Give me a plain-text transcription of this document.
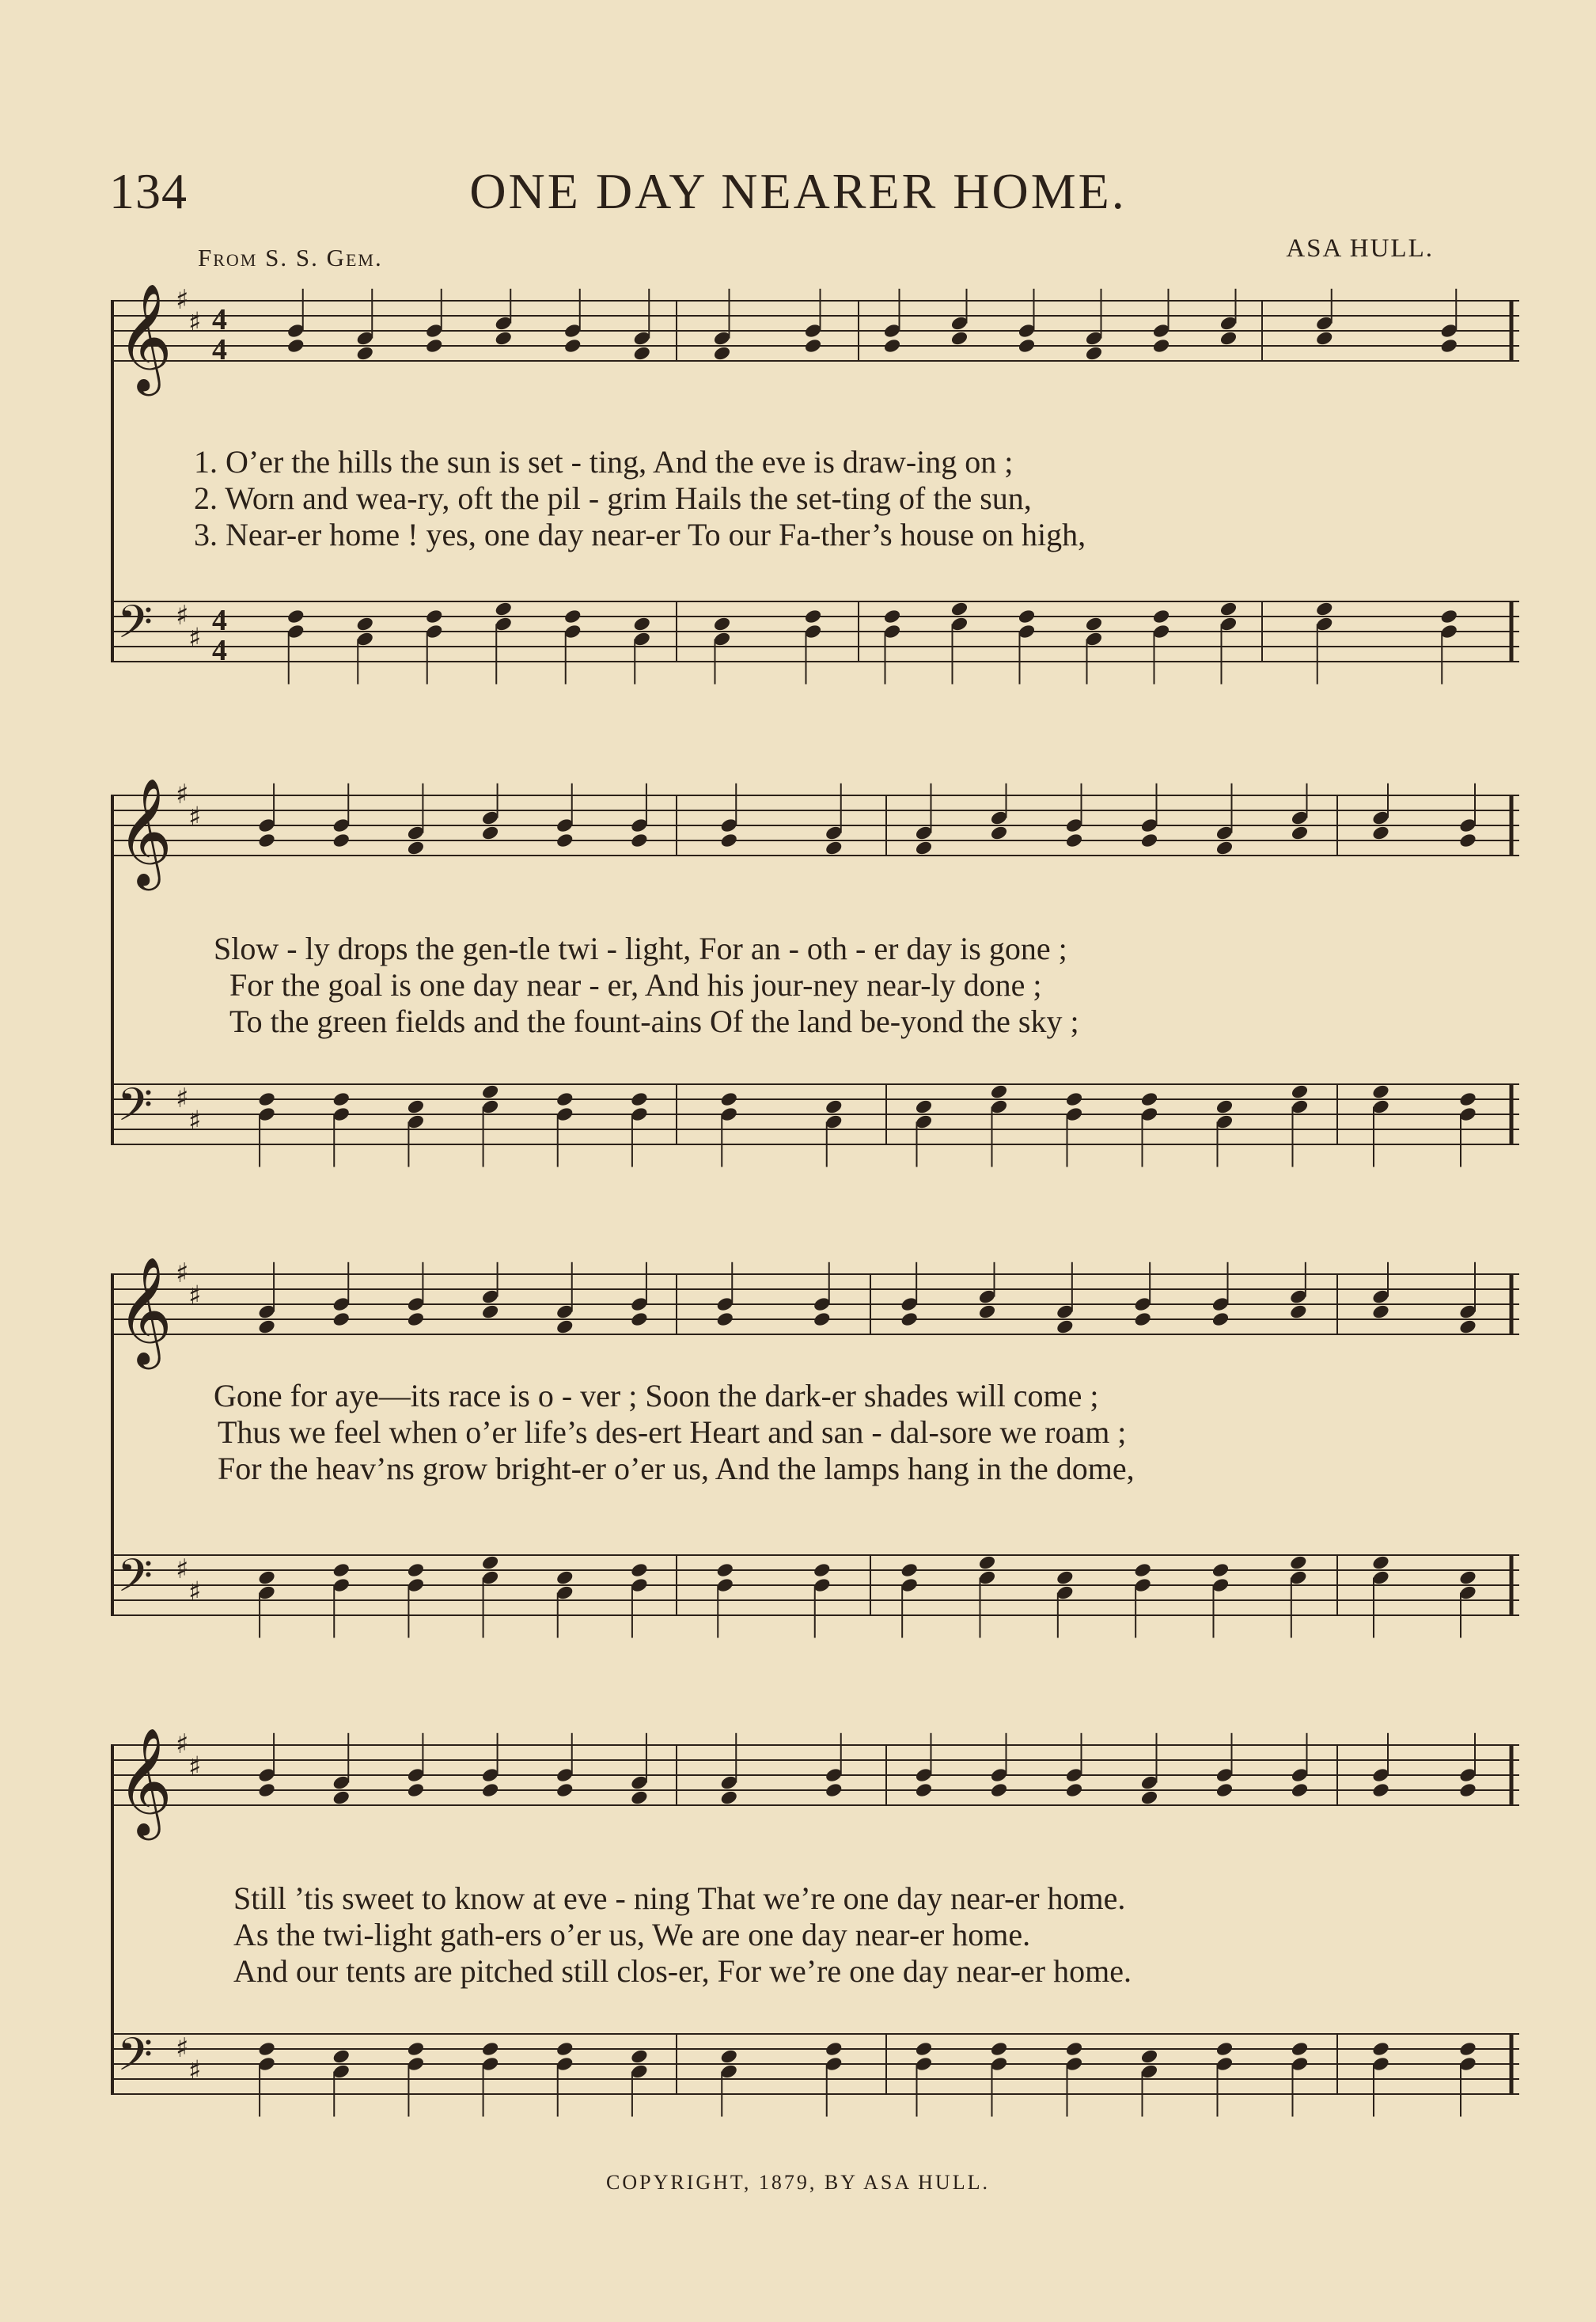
134	ONE DAY NEARER HOME.
From S. S. Gem.	ASA HULL.
𝄞 ♯
♯ 4
4
𝄢 ♯
♯
4
4
1. O’er the hills the sun is set - ting, And the eve is draw-ing on ;
2. Worn and wea-ry, oft the pil - grim Hails the set-ting of the sun,
3. Near-er home ! yes, one day near-er To our Fa-ther’s house on high,
𝄞 ♯
♯
𝄢 ♯
♯
Slow - ly drops the gen-tle twi - light, For an - oth - er day is gone ;
For the goal is one day near - er, And his jour-ney near-ly done ;
To the green fields and the fount-ains Of the land be-yond the sky ;
𝄞 ♯
♯
𝄢 ♯
♯
Gone for aye—its race is o - ver ; Soon the dark-er shades will come ;
Thus we feel when o’er life’s des-ert Heart and san - dal-sore we roam ;
For the heav’ns grow bright-er o’er us, And the lamps hang in the dome,
𝄞 ♯
♯
𝄢 ♯
♯
Still ’tis sweet to know at eve - ning That we’re one day near-er home.
As the twi-light gath-ers o’er us, We are one day near-er home.
And our tents are pitched still clos-er, For we’re one day near-er home.
COPYRIGHT, 1879, BY ASA HULL.
